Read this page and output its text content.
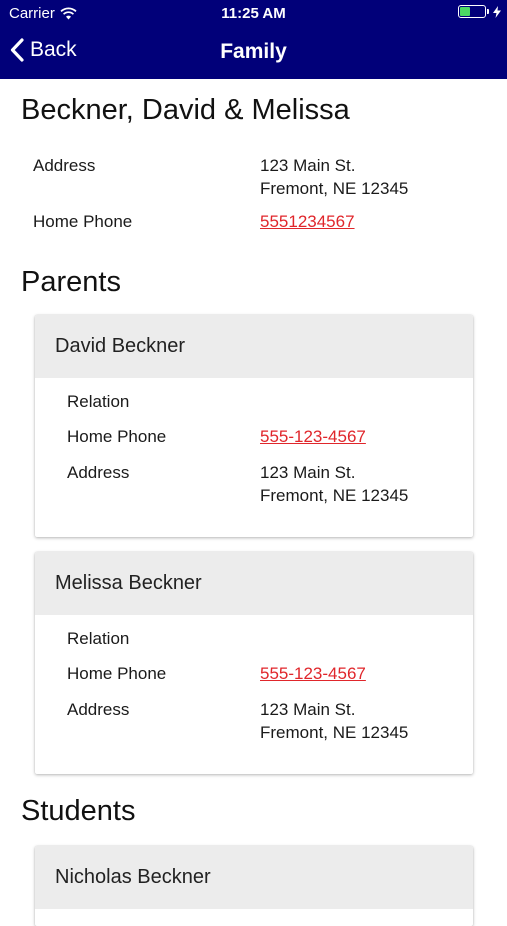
Carrier	11:25 AM
Back	Family
Beckner, David & Melissa
Address	123 Main St.
Fremont, NE 12345
Home Phone	5551234567
Parents
David Beckner
Relation
Home Phone	555-123-4567
Address	123 Main St.
Fremont, NE 12345
Melissa Beckner
Relation
Home Phone	555-123-4567
Address	123 Main St.
Fremont, NE 12345
Students
Nicholas Beckner
